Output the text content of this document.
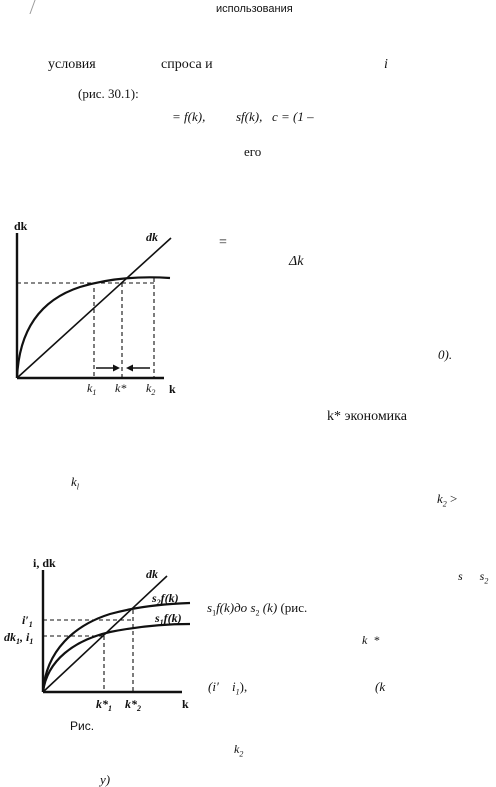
использования
условия	спроса и	i
(рис. 30.1):
= f(k), sf(k), c = (1 –
его
=
Δk
0).
k* экономика
$k_l$
$k_2$ >
s $s_2$
$s_1f(k)до$ $s_2$ (k) (рис.
k *
(i′ $i_1$),	(k
Рис.
$k_2$
y)
dk
dk
k
$k_1$ k* $k_2$
i, dk
dk
$s_2f(k)$
$s_1f(k)$
$i'_1$
$dk_1$, $i_1$
k
$k*_1$ $k*_2$
